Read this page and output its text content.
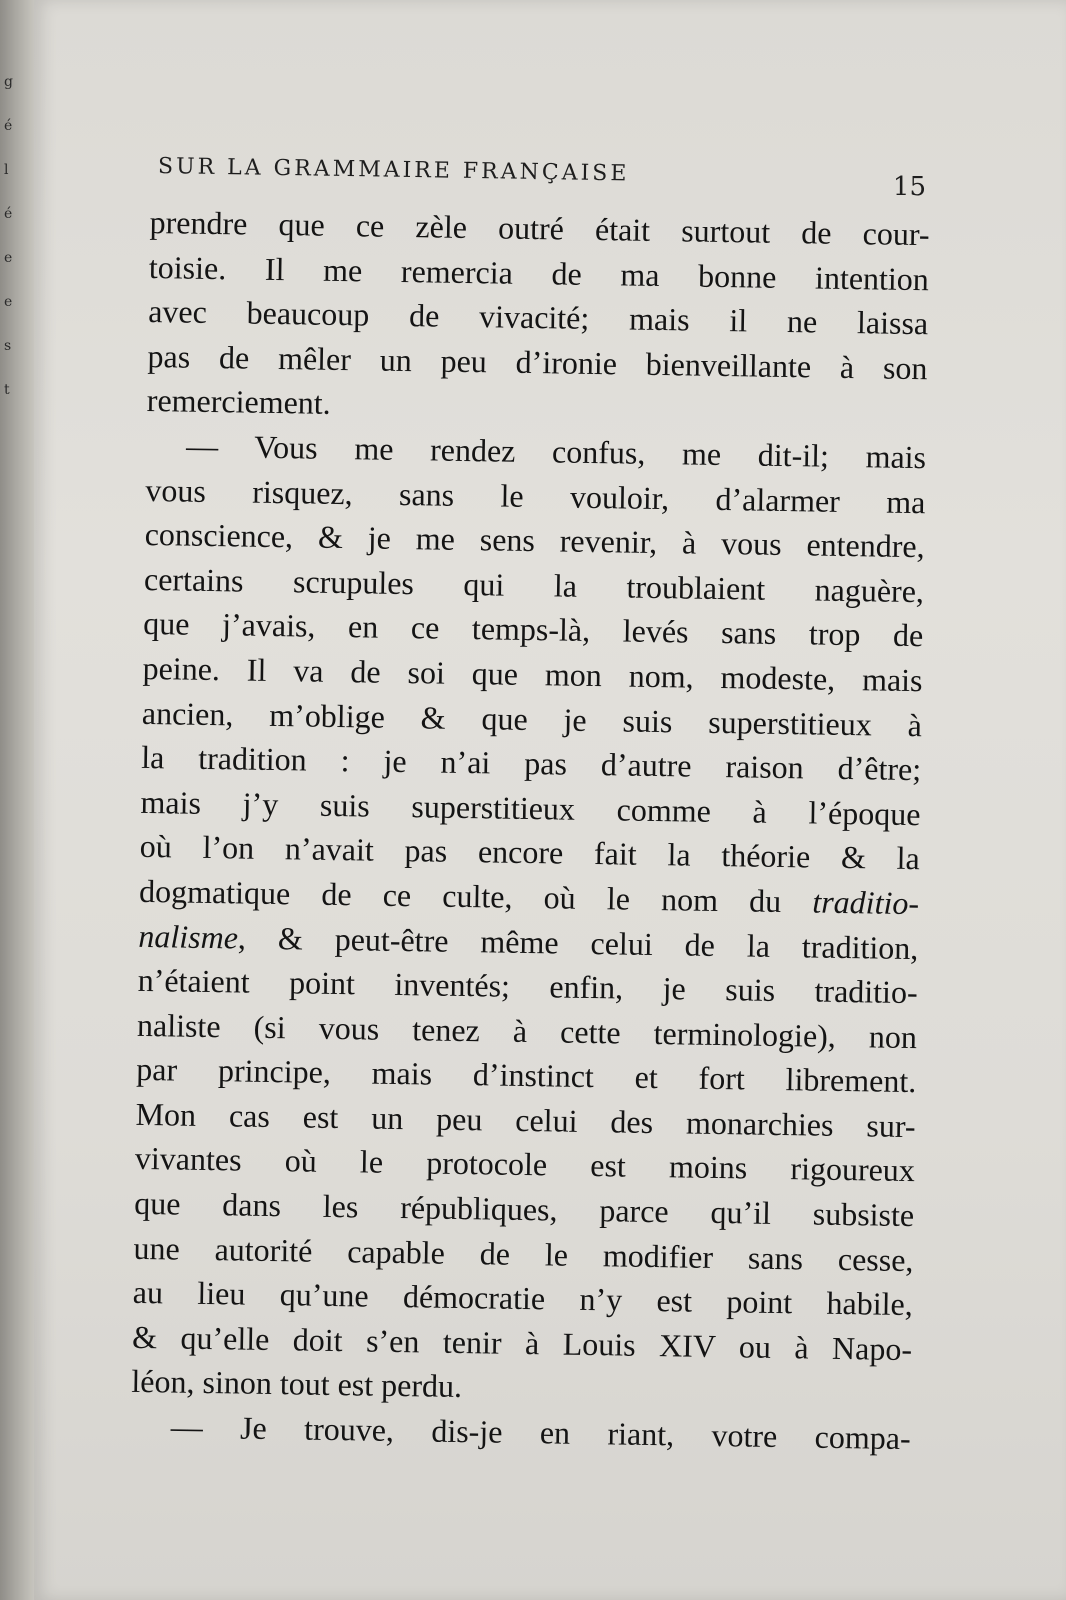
g
é
l
é
e
e
s
t
SUR LA GRAMMAIRE FRANÇAISE
15
prendre que ce zèle outré était surtout de cour-
toisie. Il me remercia de ma bonne intention
avec beaucoup de vivacité; mais il ne laissa
pas de mêler un peu d’ironie bienveillante à son
remerciement.
— Vous me rendez confus, me dit-il; mais
vous risquez, sans le vouloir, d’alarmer ma
conscience, & je me sens revenir, à vous entendre,
certains scrupules qui la troublaient naguère,
que j’avais, en ce temps-là, levés sans trop de
peine. Il va de soi que mon nom, modeste, mais
ancien, m’oblige & que je suis superstitieux à
la tradition : je n’ai pas d’autre raison d’être;
mais j’y suis superstitieux comme à l’époque
où l’on n’avait pas encore fait la théorie & la
dogmatique de ce culte, où le nom du traditio-
nalisme, & peut-être même celui de la tradition,
n’étaient point inventés; enfin, je suis traditio-
naliste (si vous tenez à cette terminologie), non
par principe, mais d’instinct et fort librement.
Mon cas est un peu celui des monarchies sur-
vivantes où le protocole est moins rigoureux
que dans les républiques, parce qu’il subsiste
une autorité capable de le modifier sans cesse,
au lieu qu’une démocratie n’y est point habile,
& qu’elle doit s’en tenir à Louis XIV ou à Napo-
léon, sinon tout est perdu.
— Je trouve, dis-je en riant, votre compa-
